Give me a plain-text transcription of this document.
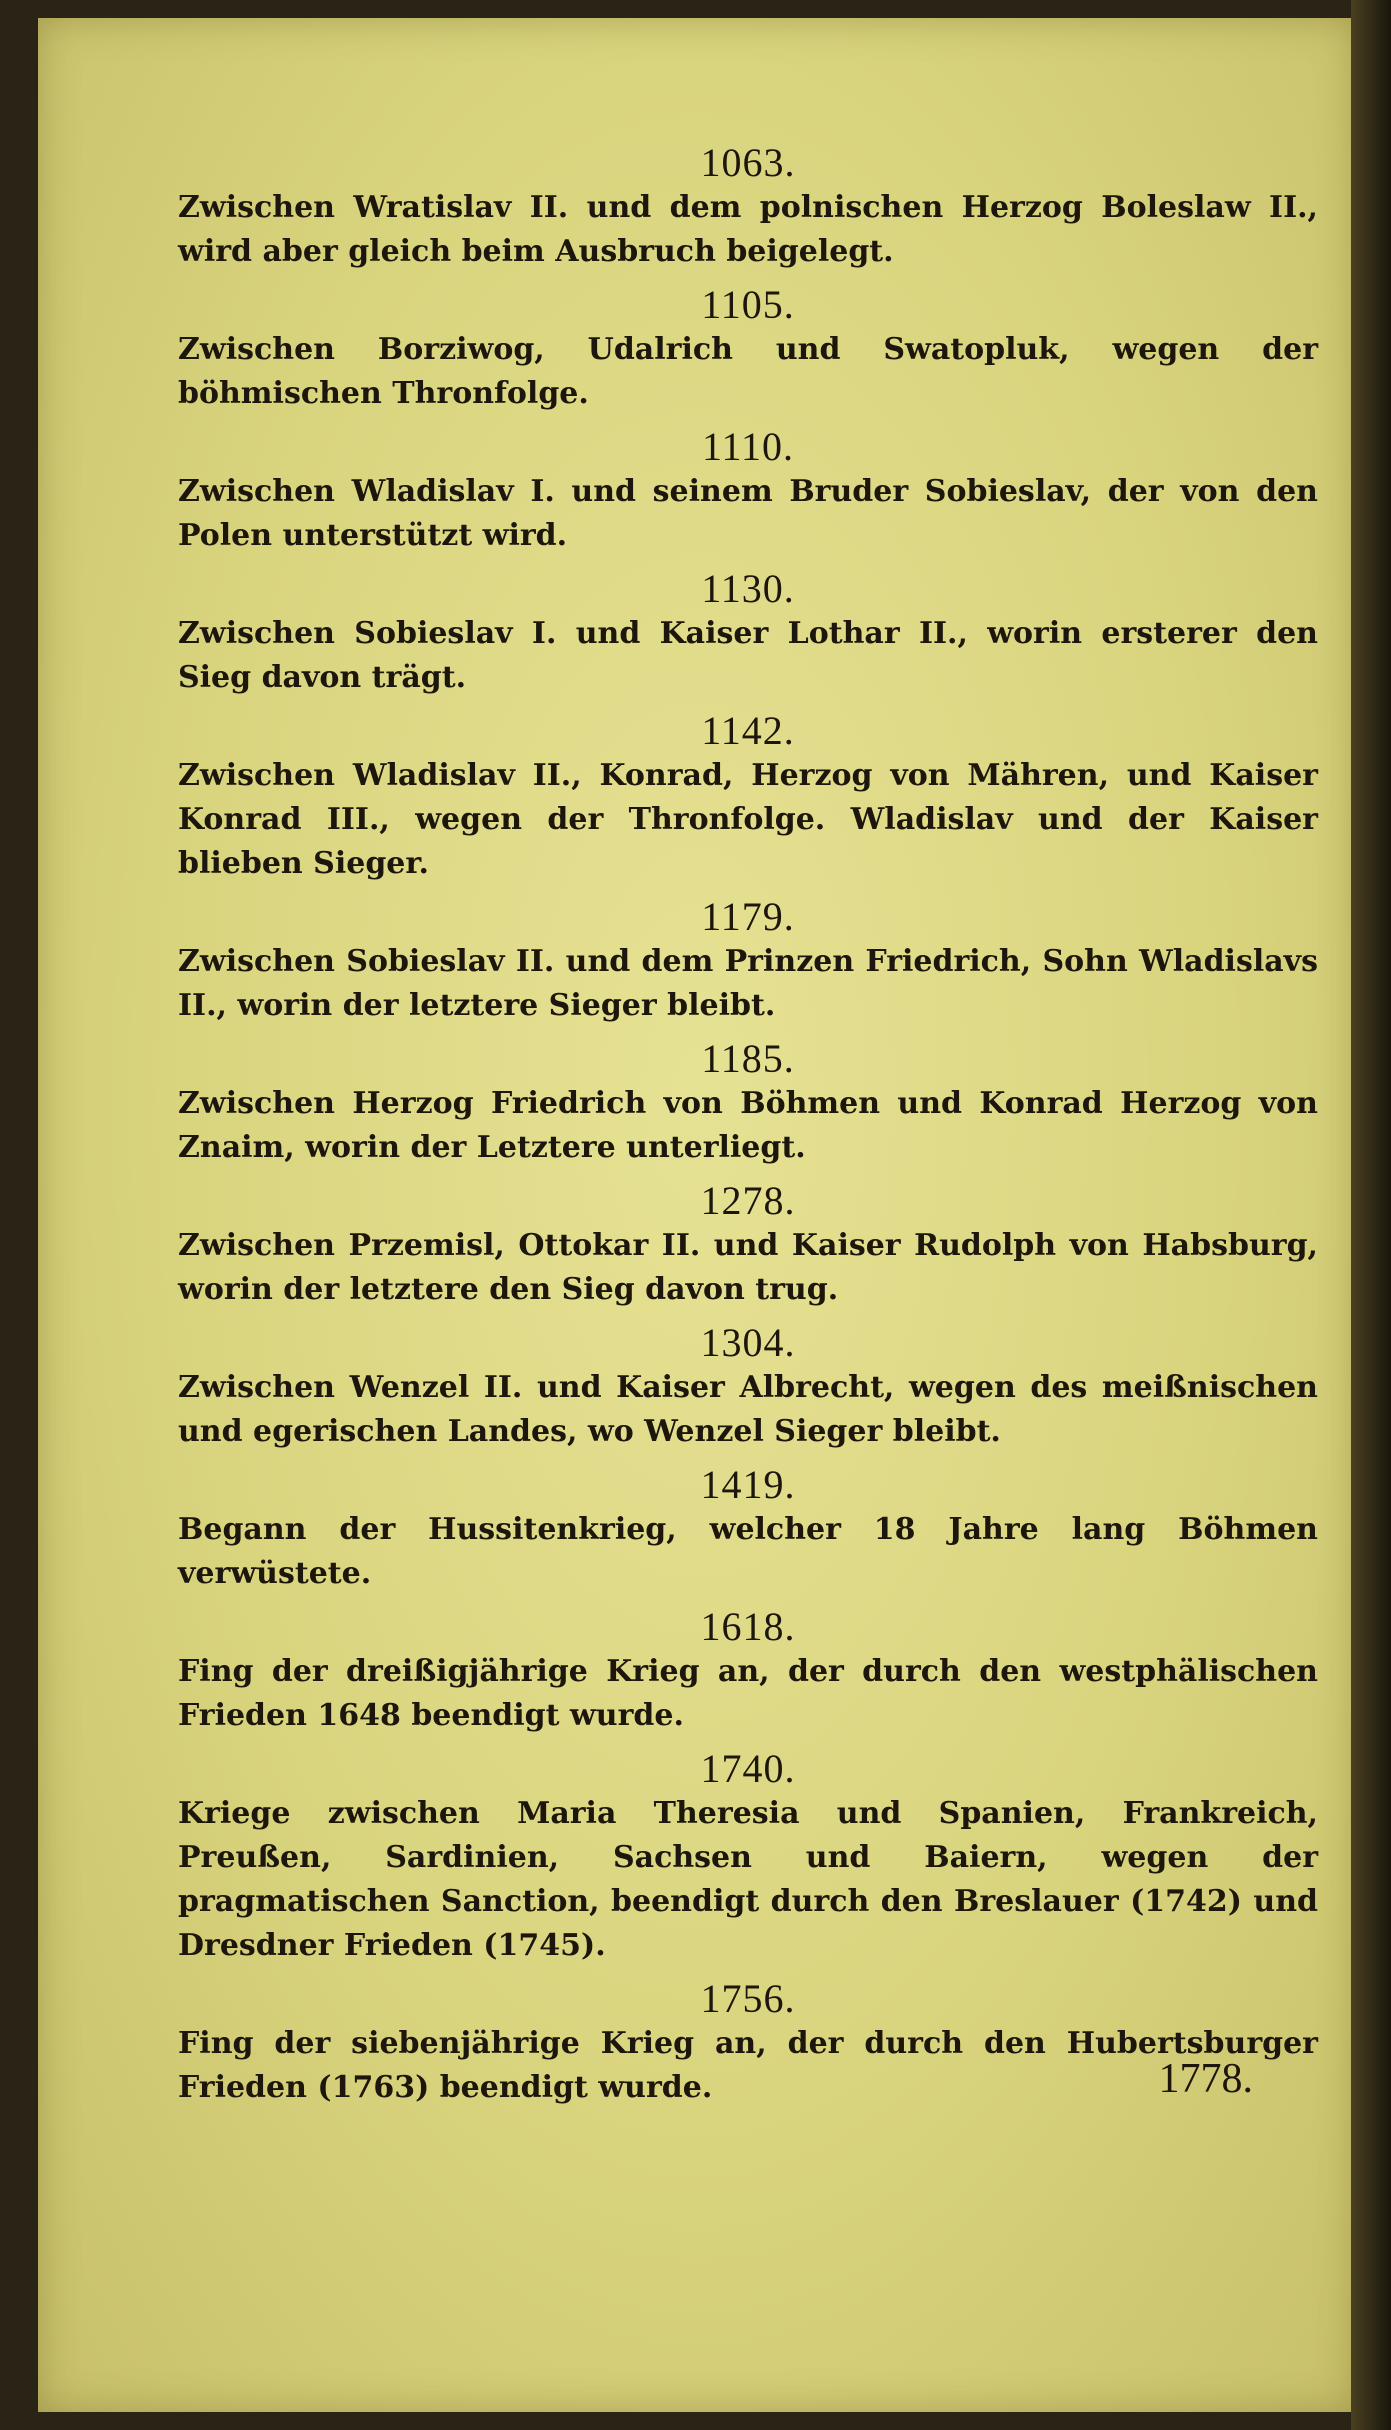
1063.

Zwischen Wratislav II. und dem polnischen Herzog Boleslaw II., wird aber gleich beim Ausbruch beigelegt.

1105.

Zwischen Borziwog, Udalrich und Swatopluk, wegen der böhmischen Thronfolge.

1110.

Zwischen Wladislav I. und seinem Bruder Sobieslav, der von den Polen unterstützt wird.

1130.

Zwischen Sobieslav I. und Kaiser Lothar II., worin ersterer den Sieg davon trägt.

1142.

Zwischen Wladislav II., Konrad, Herzog von Mähren, und Kaiser Konrad III., wegen der Thronfolge. Wladislav und der Kaiser blieben Sieger.

1179.

Zwischen Sobieslav II. und dem Prinzen Friedrich, Sohn Wladislavs II., worin der letztere Sieger bleibt.

1185.

Zwischen Herzog Friedrich von Böhmen und Konrad Herzog von Znaim, worin der Letztere unterliegt.

1278.

Zwischen Przemisl, Ottokar II. und Kaiser Rudolph von Habsburg, worin der letztere den Sieg davon trug.

1304.

Zwischen Wenzel II. und Kaiser Albrecht, wegen des meißnischen und egerischen Landes, wo Wenzel Sieger bleibt.

1419.

Begann der Hussitenkrieg, welcher 18 Jahre lang Böhmen verwüstete.

1618.

Fing der dreißigjährige Krieg an, der durch den westphälischen Frieden 1648 beendigt wurde.

1740.

Kriege zwischen Maria Theresia und Spanien, Frankreich, Preußen, Sardinien, Sachsen und Baiern, wegen der pragmatischen Sanction, beendigt durch den Breslauer (1742) und Dresdner Frieden (1745).

1756.

Fing der siebenjährige Krieg an, der durch den Hubertsburger Frieden (1763) beendigt wurde.	1778.
